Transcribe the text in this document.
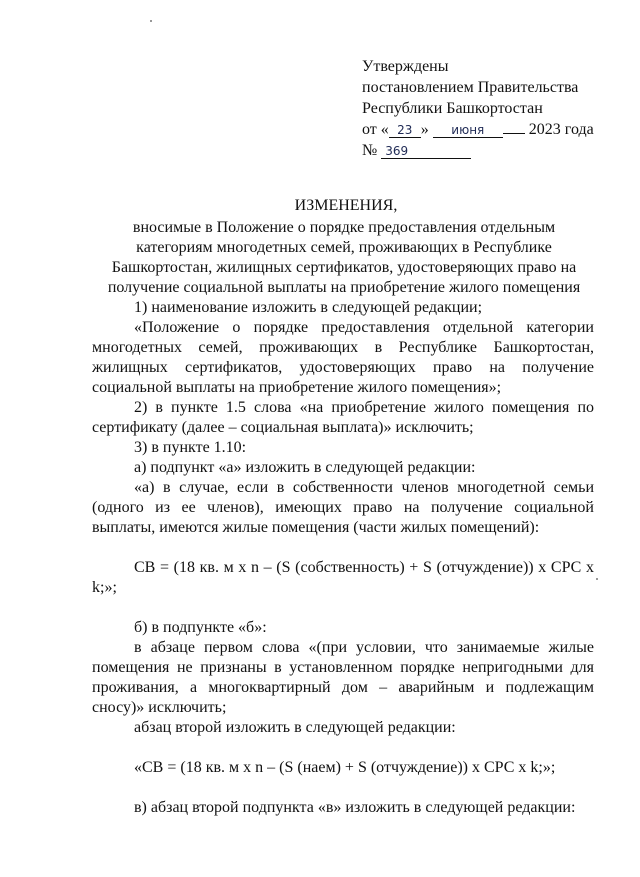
Утверждены
постановлением Правительства
Республики Башкортостан
от « 23 » июня	2023 года
№ 369
ИЗМЕНЕНИЯ,
вносимые в Положение о порядке предоставления отдельным категориям многодетных семей, проживающих в Республике Башкортостан, жилищных сертификатов, удостоверяющих право на получение социальной выплаты на приобретение жилого помещения

1) наименование изложить в следующей редакции;

«Положение о порядке предоставления отдельной категории многодетных семей, проживающих в Республике Башкортостан, жилищных сертификатов, удостоверяющих право на получение социальной выплаты на приобретение жилого помещения»;

2) в пункте 1.5 слова «на приобретение жилого помещения по сертификату (далее – социальная выплата)» исключить;

3) в пункте 1.10:

а) подпункт «а» изложить в следующей редакции:

«а) в случае, если в собственности членов многодетной семьи (одного из ее членов), имеющих право на получение социальной выплаты, имеются жилые помещения (части жилых помещений):

СВ = (18 кв. м х n – (S (собственность) + S (отчуждение)) х СРС х k;»;

б) в подпункте «б»:

в абзаце первом слова «(при условии, что занимаемые жилые помещения не признаны в установленном порядке непригодными для проживания, а многоквартирный дом – аварийным и подлежащим сносу)» исключить;

абзац второй изложить в следующей редакции:

«СВ = (18 кв. м х n – (S (наем) + S (отчуждение)) х СРС х k;»;

в) абзац второй подпункта «в» изложить в следующей редакции:
